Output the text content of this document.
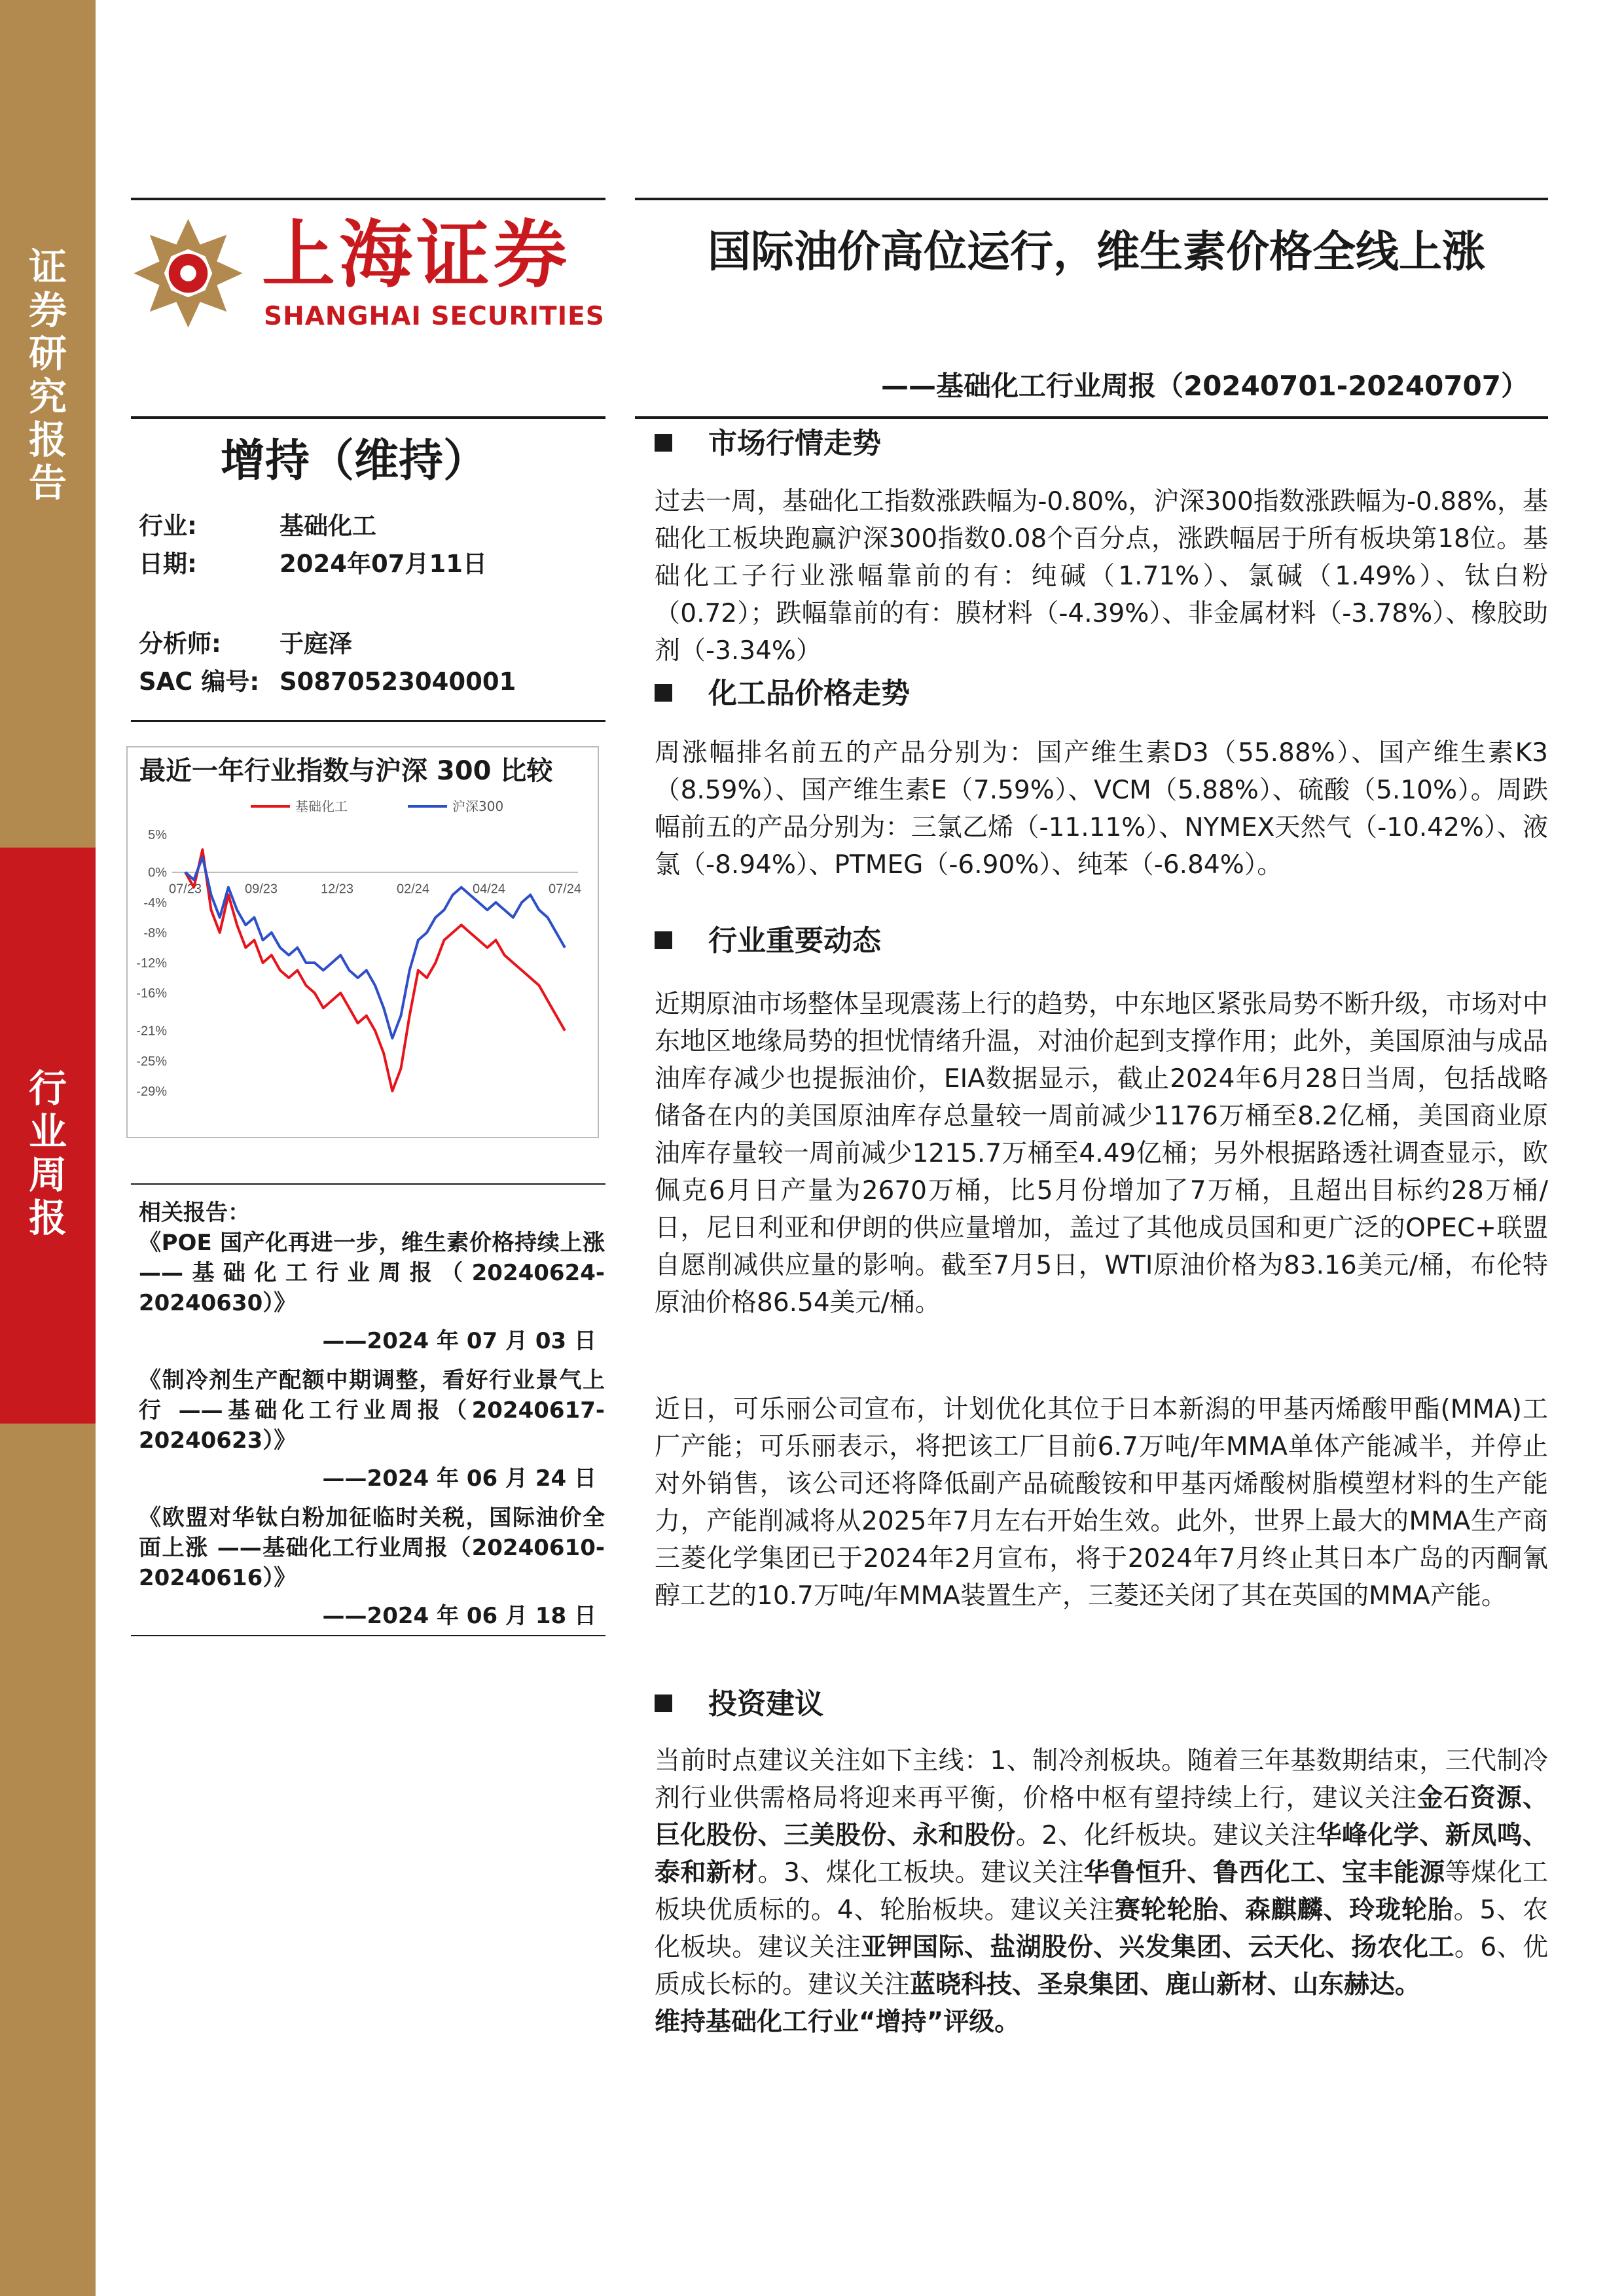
证
券
研
究
报
告
行
业
周
报
上海证券
SHANGHAI SECURITIES
国际油价高位运行，维生素价格全线上涨
——基础化工行业周报（20240701-20240707）
增持（维持）
行业:	基础化工
日期:	2024年07月11日
分析师: 于庭泽
SAC 编号: S0870523040001
最近一年行业指数与沪深 300 比较
5%
0%
-4%
-8%
-12%
-16%
-21%
-25%
-29%
07/23	09/23	12/23	02/24	04/24	07/24
基础化工	沪深300
相关报告：
《POE 国产化再进一步，维生素价格持续上涨 ——基础化工行业周报（20240624-20240630）》
——2024 年 07 月 03 日
《制冷剂生产配额中期调整，看好行业景气上行 ——基础化工行业周报（20240617-20240623）》
——2024 年 06 月 24 日
《欧盟对华钛白粉加征临时关税，国际油价全面上涨 ——基础化工行业周报（20240610-20240616）》
——2024 年 06 月 18 日
市场行情走势

过去一周，基础化工指数涨跌幅为-0.80%，沪深300指数涨跌幅为-0.88%，基础化工板块跑赢沪深300指数0.08个百分点，涨跌幅居于所有板块第18位。基础化工子行业涨幅靠前的有：纯碱（1.71%）、氯碱（1.49%）、钛白粉（0.72）；跌幅靠前的有：膜材料（-4.39%）、非金属材料（-3.78%）、橡胶助剂（-3.34%）

化工品价格走势

周涨幅排名前五的产品分别为：国产维生素D3（55.88%）、国产维生素K3（8.59%）、国产维生素E（7.59%）、VCM（5.88%）、硫酸（5.10%）。周跌幅前五的产品分别为：三氯乙烯（-11.11%）、NYMEX天然气（-10.42%）、液氯（-8.94%）、PTMEG（-6.90%）、纯苯（-6.84%）。

行业重要动态

近期原油市场整体呈现震荡上行的趋势，中东地区紧张局势不断升级，市场对中东地区地缘局势的担忧情绪升温，对油价起到支撑作用；此外，美国原油与成品油库存减少也提振油价，EIA数据显示，截止2024年6月28日当周，包括战略储备在内的美国原油库存总量较一周前减少1176万桶至8.2亿桶，美国商业原油库存量较一周前减少1215.7万桶至4.49亿桶；另外根据路透社调查显示，欧佩克6月日产量为2670万桶，比5月份增加了7万桶，且超出目标约28万桶/日，尼日利亚和伊朗的供应量增加，盖过了其他成员国和更广泛的OPEC+联盟自愿削减供应量的影响。截至7月5日，WTI原油价格为83.16美元/桶，布伦特原油价格86.54美元/桶。

近日，可乐丽公司宣布，计划优化其位于日本新潟的甲基丙烯酸甲酯(MMA)工厂产能；可乐丽表示，将把该工厂目前6.7万吨/年MMA单体产能减半，并停止对外销售，该公司还将降低副产品硫酸铵和甲基丙烯酸树脂模塑材料的生产能力，产能削减将从2025年7月左右开始生效。此外，世界上最大的MMA生产商三菱化学集团已于2024年2月宣布，将于2024年7月终止其日本广岛的丙酮氰醇工艺的10.7万吨/年MMA装置生产，三菱还关闭了其在英国的MMA产能。

投资建议

当前时点建议关注如下主线：1、制冷剂板块。随着三年基数期结束，三代制冷剂行业供需格局将迎来再平衡，价格中枢有望持续上行，建议关注金石资源、巨化股份、三美股份、永和股份。2、化纤板块。建议关注华峰化学、新凤鸣、泰和新材。3、煤化工板块。建议关注华鲁恒升、鲁西化工、宝丰能源等煤化工板块优质标的。4、轮胎板块。建议关注赛轮轮胎、森麒麟、玲珑轮胎。5、农化板块。建议关注亚钾国际、盐湖股份、兴发集团、云天化、扬农化工。6、优质成长标的。建议关注蓝晓科技、圣泉集团、鹿山新材、山东赫达。
维持基础化工行业“增持”评级。
